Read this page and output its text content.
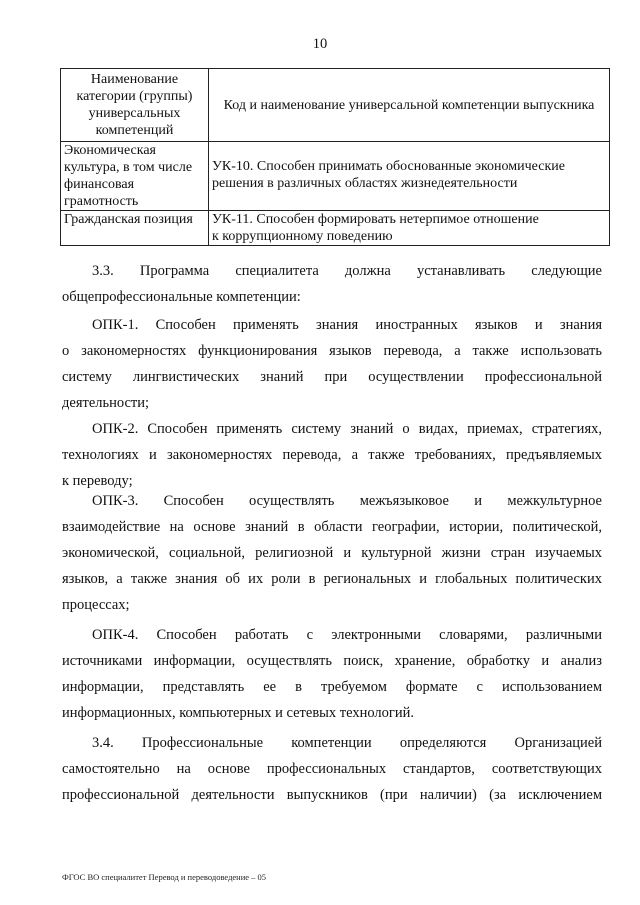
10
Наименование категории (группы) универсальных компетенций	Код и наименование универсальной компетенции выпускника
Экономическая культура, в том числе финансовая грамотность	УК-10. Способен принимать обоснованные экономические решения в различных областях жизнедеятельности
Гражданская позиция	УК-11. Способен формировать нетерпимое отношение
к коррупционному поведению
3.3. Программа специалитета должна устанавливать следующие
общепрофессиональные компетенции:
ОПК-1. Способен применять знания иностранных языков и знания
о закономерностях функционирования языков перевода, а также использовать
систему лингвистических знаний при осуществлении профессиональной
деятельности;
ОПК-2. Способен применять систему знаний о видах, приемах, стратегиях,
технологиях и закономерностях перевода, а также требованиях, предъявляемых
к переводу;
ОПК-3. Способен осуществлять межъязыковое и межкультурное
взаимодействие на основе знаний в области географии, истории, политической,
экономической, социальной, религиозной и культурной жизни стран изучаемых
языков, а также знания об их роли в региональных и глобальных политических
процессах;
ОПК-4. Способен работать с электронными словарями, различными
источниками информации, осуществлять поиск, хранение, обработку и анализ
информации, представлять ее в требуемом формате с использованием
информационных, компьютерных и сетевых технологий.
3.4. Профессиональные компетенции определяются Организацией
самостоятельно на основе профессиональных стандартов, соответствующих
профессиональной деятельности выпускников (при наличии) (за исключением
ФГОС ВО специалитет Перевод и переводоведение – 05
